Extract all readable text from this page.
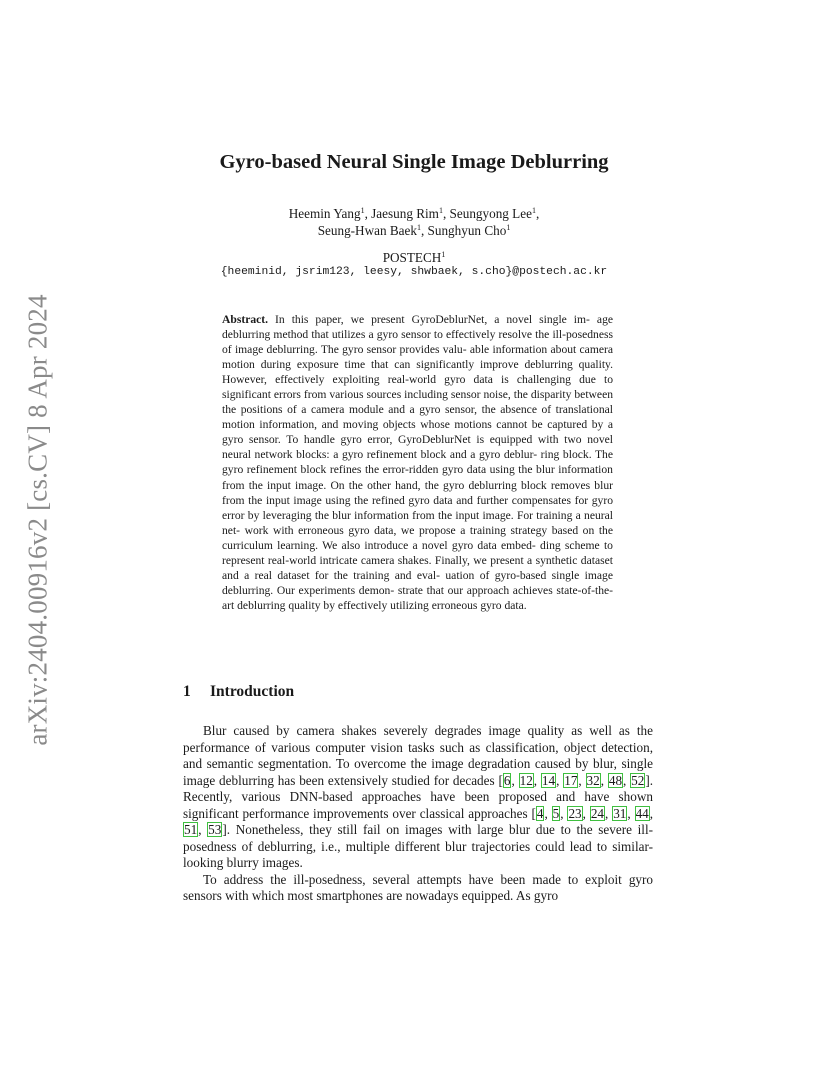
arXiv:2404.00916v2 [cs.CV] 8 Apr 2024
Gyro-based Neural Single Image Deblurring
Heemin Yang$^1$, Jaesung Rim$^1$, Seungyong Lee$^1$,
Seung-Hwan Baek$^1$, Sunghyun Cho$^1$
POSTECH$^1$
{heeminid, jsrim123, leesy, shwbaek, s.cho}@postech.ac.kr
Abstract. In this paper, we present GyroDeblurNet, a novel single im- age deblurring method that utilizes a gyro sensor to effectively resolve the ill-posedness of image deblurring. The gyro sensor provides valu- able information about camera motion during exposure time that can significantly improve deblurring quality. However, effectively exploiting real-world gyro data is challenging due to significant errors from various sources including sensor noise, the disparity between the positions of a camera module and a gyro sensor, the absence of translational motion information, and moving objects whose motions cannot be captured by a gyro sensor. To handle gyro error, GyroDeblurNet is equipped with two novel neural network blocks: a gyro refinement block and a gyro deblur- ring block. The gyro refinement block refines the error-ridden gyro data using the blur information from the input image. On the other hand, the gyro deblurring block removes blur from the input image using the refined gyro data and further compensates for gyro error by leveraging the blur information from the input image. For training a neural net- work with erroneous gyro data, we propose a training strategy based on the curriculum learning. We also introduce a novel gyro data embed- ding scheme to represent real-world intricate camera shakes. Finally, we present a synthetic dataset and a real dataset for the training and eval- uation of gyro-based single image deblurring. Our experiments demon- strate that our approach achieves state-of-the-art deblurring quality by effectively utilizing erroneous gyro data.
1 Introduction

Blur caused by camera shakes severely degrades image quality as well as the performance of various computer vision tasks such as classification, object detection, and semantic segmentation. To overcome the image degradation caused by blur, single image deblurring has been extensively studied for decades [6, 12, 14, 17, 32, 48, 52]. Recently, various DNN-based approaches have been proposed and have shown significant performance improvements over classical approaches [4, 5, 23, 24, 31, 44, 51, 53]. Nonetheless, they still fail on images with large blur due to the severe ill-posedness of deblurring, i.e., multiple different blur trajectories could lead to similar-looking blurry images.

To address the ill-posedness, several attempts have been made to exploit gyro sensors with which most smartphones are nowadays equipped. As gyro
